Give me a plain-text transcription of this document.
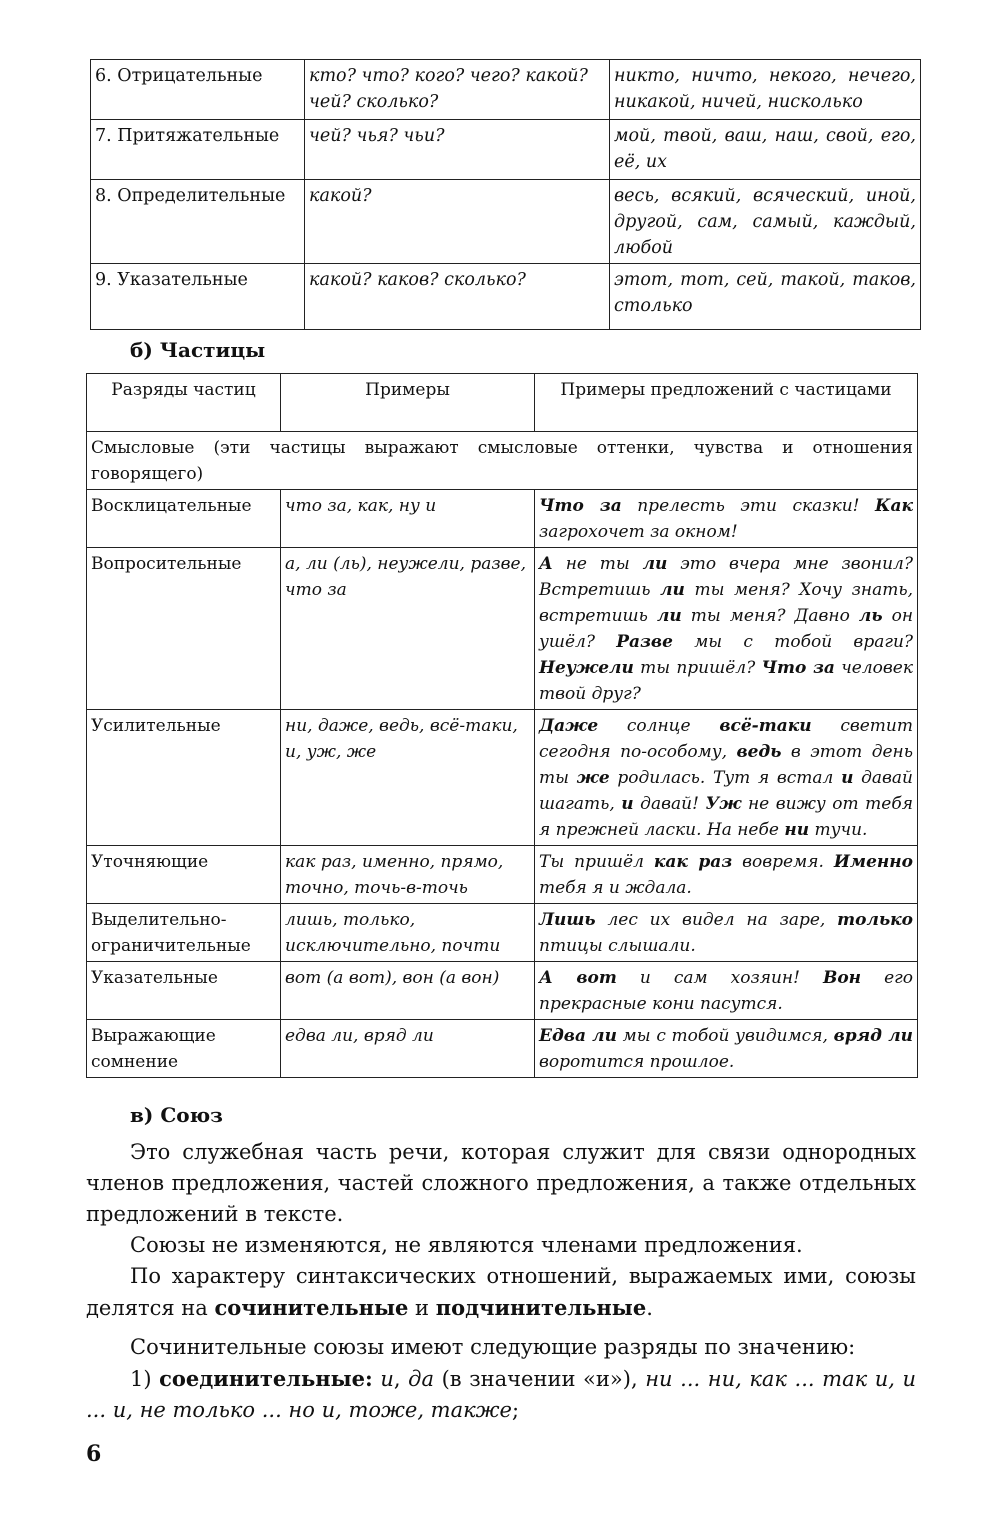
6. Отрицательные	кто? что? кого? чего? какой? чей? сколько?	никто, ничто, некого, нечего, никакой, ничей, нисколько
7. Притяжательные	чей? чья? чьи?	мой, твой, ваш, наш, свой, его, её, их
8. Определительные	какой?	весь, всякий, всяческий, иной, другой, сам, самый, каждый, любой
9. Указательные	какой? каков? сколько?	этот, тот, сей, такой, таков, столько
б) Частицы
Разряды частиц	Примеры	Примеры предложений с частицами
Смысловые (эти частицы выражают смысловые оттенки, чувства и отношения говорящего)		
Восклицательные	что за, как, ну и	Что за прелесть эти сказки! Как загрохочет за окном!
Вопросительные	а, ли (ль), неужели, разве, что за	А не ты ли это вчера мне звонил? Встретишь ли ты меня? Хочу знать, встретишь ли ты меня? Давно ль он ушёл? Разве мы с тобой враги? Неужели ты пришёл? Что за человек твой друг?
Усилительные	ни, даже, ведь, всё-таки, и, уж, же	Даже солнце всё-таки светит сегодня по-особому, ведь в этот день ты же родилась. Тут я встал и давай шагать, и давай! Уж не вижу от тебя я прежней ласки. На небе ни тучи.
Уточняющие	как раз, именно, прямо, точно, точь-в-точь	Ты пришёл как раз вовремя. Именно тебя я и ждала.
Выделительно-ограничительные	лишь, только, исключительно, почти	Лишь лес их видел на заре, только птицы слышали.
Указательные	вот (а вот), вон (а вон)	А вот и сам хозяин! Вон его прекрасные кони пасутся.
Выражающие сомнение	едва ли, вряд ли	Едва ли мы с тобой увидимся, вряд ли воротится прошлое.
в) Союз
Это служебная часть речи, которая служит для связи однородных членов предложения, частей сложного предложения, а также отдельных предложений в тексте.
Союзы не изменяются, не являются членами предложения.
По характеру синтаксических отношений, выражаемых ими, союзы делятся на сочинительные и подчинительные.
Сочинительные союзы имеют следующие разряды по значению:
1) соединительные: и, да (в значении «и»), ни ... ни, как ... так и, и ... и, не только ... но и, тоже, также;
6
